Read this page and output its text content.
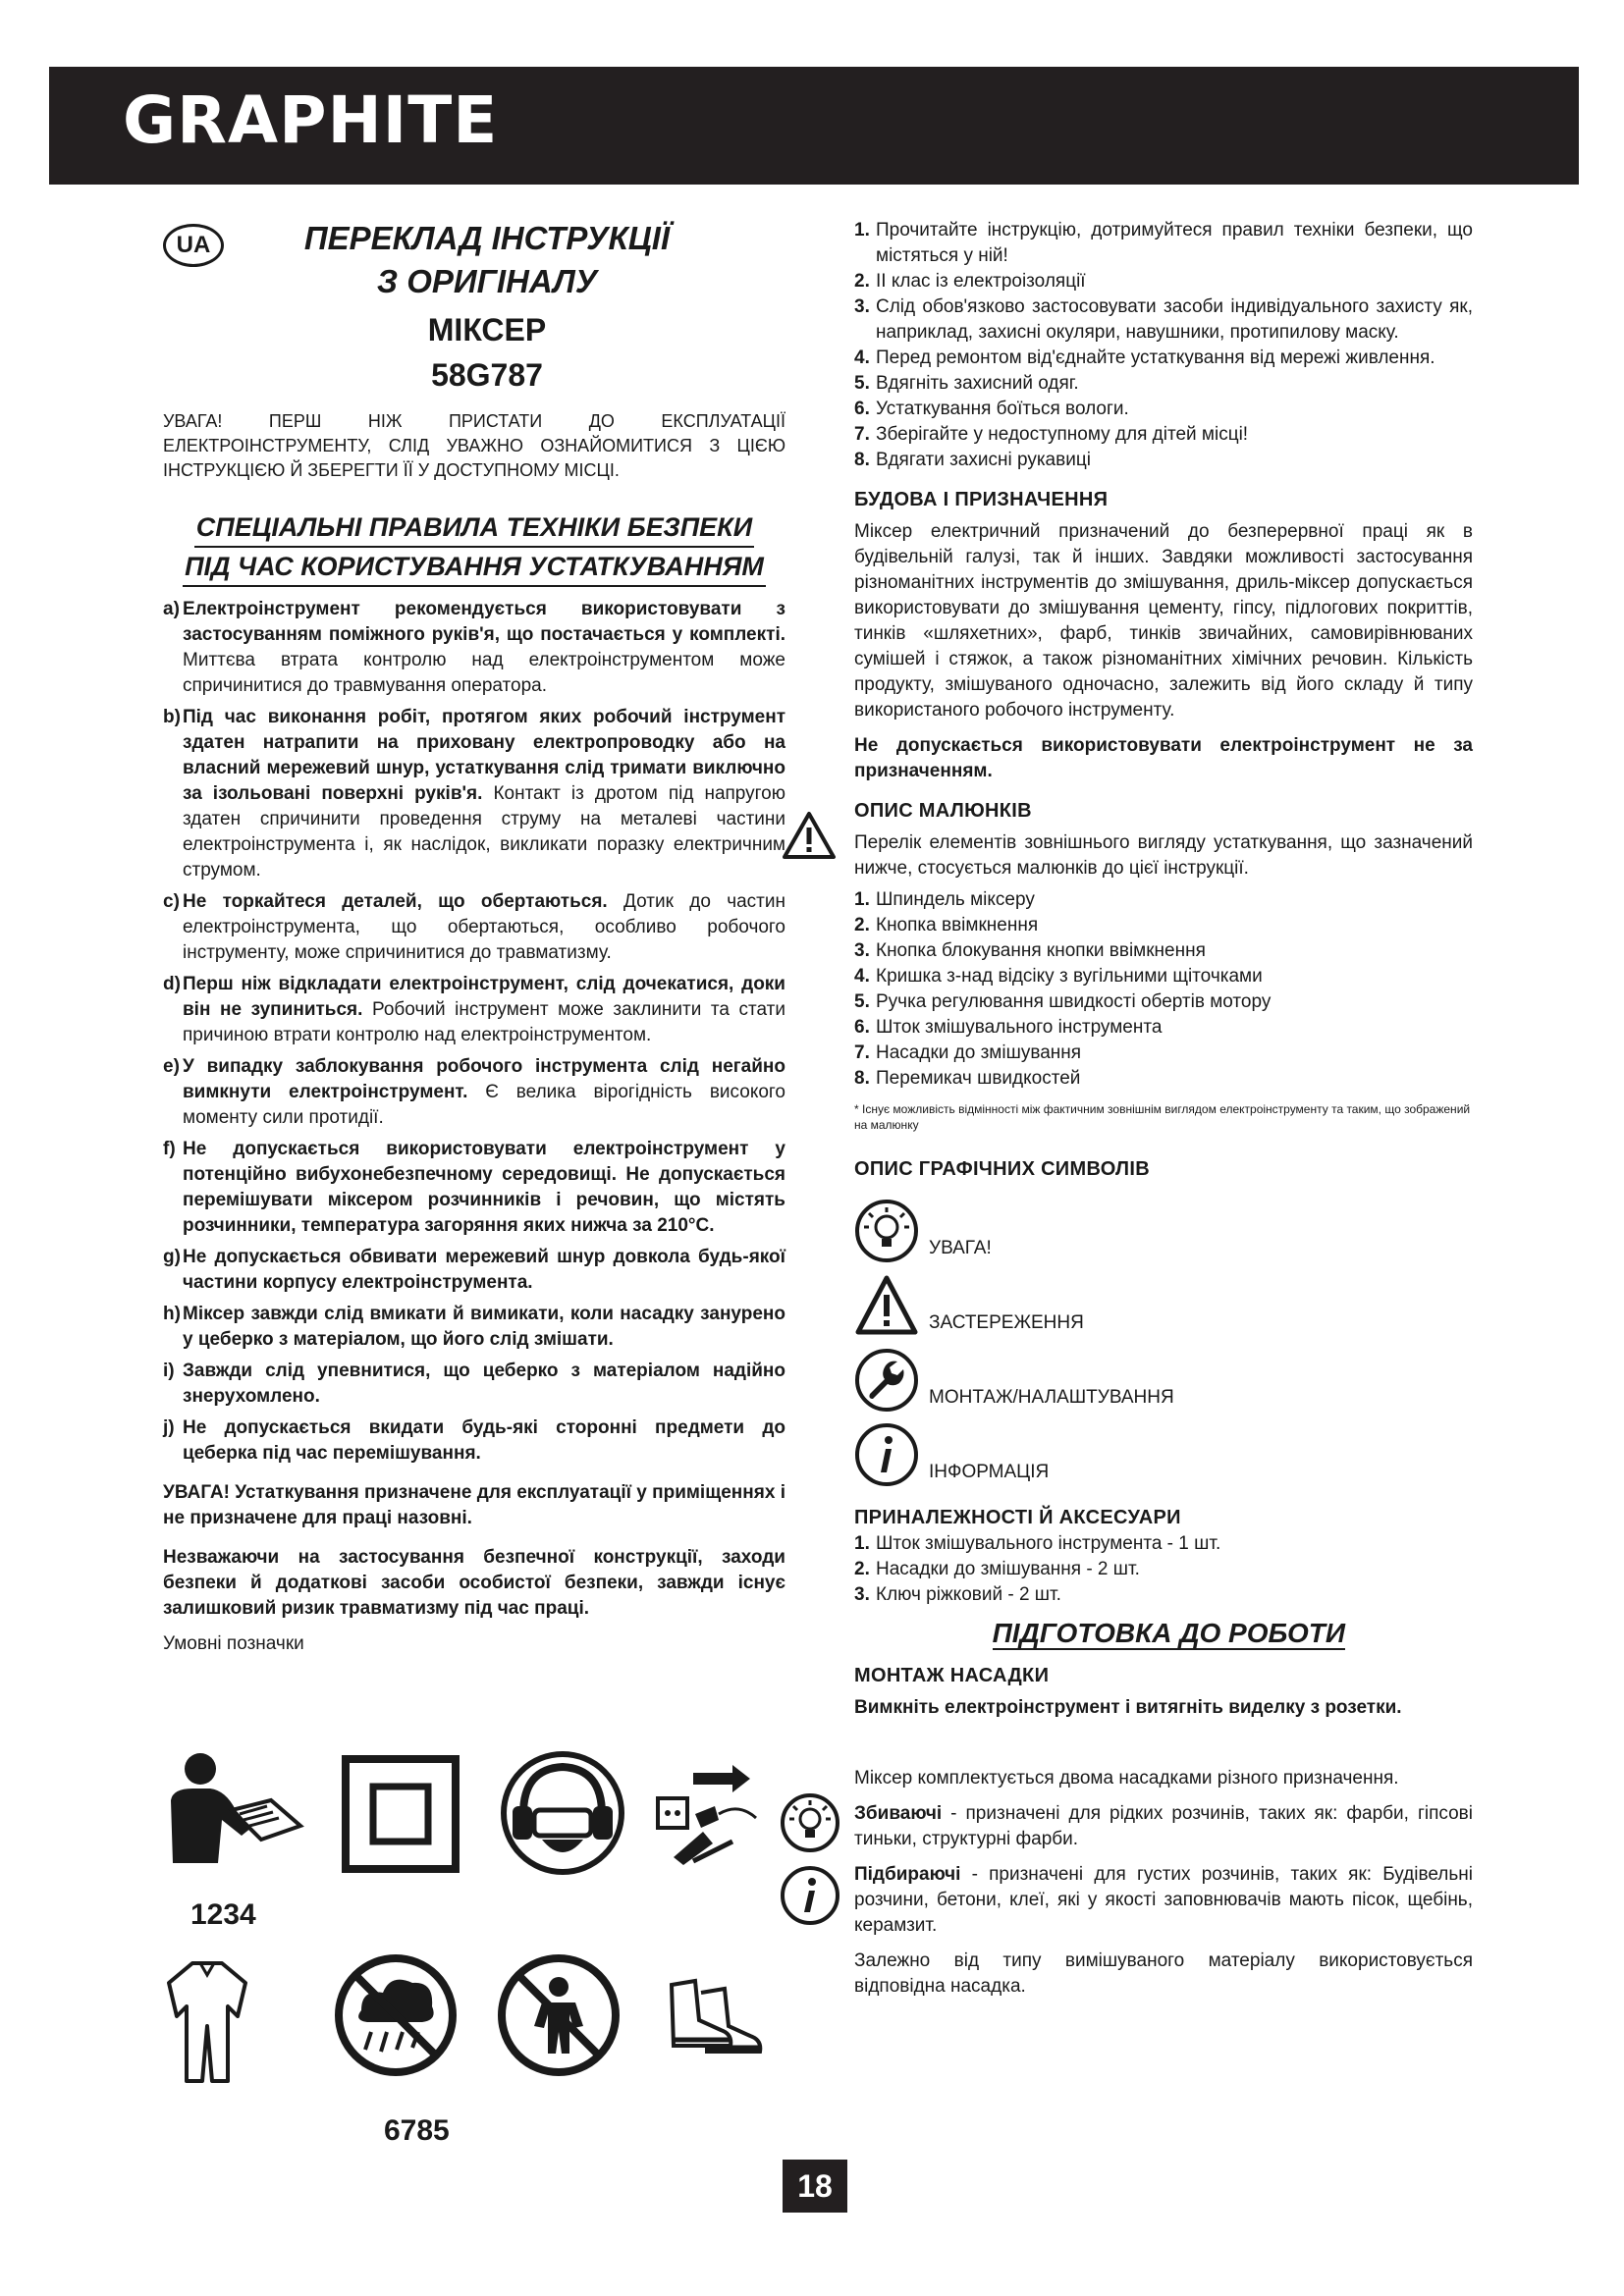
GRAPHITE
UA	ПЕРЕКЛАД ІНСТРУКЦІЇ
З ОРИГІНАЛУ
МІКСЕР
58G787

УВАГА! ПЕРШ НІЖ ПРИСТАТИ ДО ЕКСПЛУАТАЦІЇ ЕЛЕКТРОІНСТРУМЕНТУ, СЛІД УВАЖНО ОЗНАЙОМИТИСЯ З ЦІЄЮ ІНСТРУКЦІЄЮ Й ЗБЕРЕГТИ ЇЇ У ДОСТУПНОМУ МІСЦІ.

СПЕЦІАЛЬНІ ПРАВИЛА ТЕХНІКИ БЕЗПЕКИ
ПІД ЧАС КОРИСТУВАННЯ УСТАТКУВАННЯМ
a) Електроінструмент рекомендується використовувати з застосуванням поміжного руків'я, що постачається у комплекті. Миттєва втрата контролю над електроінструментом може спричинитися до травмування оператора.
b) Під час виконання робіт, протягом яких робочий інструмент здатен натрапити на приховану електропроводку або на власний мережевий шнур, устаткування слід тримати виключно за ізольовані поверхні руків'я. Контакт із дротом під напругою здатен спричинити проведення струму на металеві частини електроінструмента і, як наслідок, викликати поразку електричним струмом.
c) Не торкайтеся деталей, що обертаються. Дотик до частин електроінструмента, що обертаються, особливо робочого інструменту, може спричинитися до травматизму.
d) Перш ніж відкладати електроінструмент, слід дочекатися, доки він не зупиниться. Робочий інструмент може заклинити та стати причиною втрати контролю над електроінструментом.
e) У випадку заблокування робочого інструмента слід негайно вимкнути електроінструмент. Є велика вірогідність високого моменту сили протидії.
f) Не допускається використовувати електроінструмент у потенційно вибухонебезпечному середовищі. Не допускається перемішувати міксером розчинників і речовин, що містять розчинники, температура загоряння яких нижча за 210°C.
g) Не допускається обвивати мережевий шнур довкола будь-якої частини корпусу електроінструмента.
h) Міксер завжди слід вмикати й вимикати, коли насадку занурено у цеберко з матеріалом, що його слід змішати.
i) Завжди слід упевнитися, що цеберко з матеріалом надійно знерухомлено.
j) Не допускається вкидати будь-які сторонні предмети до цеберка під час перемішування.

УВАГА! Устаткування призначене для експлуатації у приміщеннях і не призначене для праці назовні.

Незважаючи на застосування безпечної конструкції, заходи безпеки й додаткові засоби особистої безпеки, завжди існує залишковий ризик травматизму під час праці.

Умовні позначки

1234
6785
1. Прочитайте інструкцію, дотримуйтеся правил техніки безпеки, що містяться у ній!
2. II клас із електроізоляції
3. Слід обов'язково застосовувати засоби індивідуального захисту як, наприклад, захисні окуляри, навушники, протипилову маску.
4. Перед ремонтом від'єднайте устаткування від мережі живлення.
5. Вдягніть захисний одяг.
6. Устаткування боїться вологи.
7. Зберігайте у недоступному для дітей місці!
8. Вдягати захисні рукавиці
БУДОВА І ПРИЗНАЧЕННЯ

Міксер електричний призначений до безперервної праці як в будівельній галузі, так й інших. Завдяки можливості застосування різноманітних інструментів до змішування, дриль-міксер допускається використовувати до змішування цементу, гіпсу, підлогових покриттів, тинків «шляхетних», фарб, тинків звичайних, самовирівнюваних сумішей і стяжок, а також різноманітних хімічних речовин. Кількість продукту, змішуваного одночасно, залежить від його складу й типу використаного робочого інструменту.

Не допускається використовувати електроінструмент не за призначенням.

ОПИС МАЛЮНКІВ

Перелік елементів зовнішнього вигляду устаткування, що зазначений нижче, стосується малюнків до цієї інструкції.

1. Шпиндель міксеру
2. Кнопка ввімкнення
3. Кнопка блокування кнопки ввімкнення
4. Кришка з-над відсіку з вугільними щіточками
5. Ручка регулювання швидкості обертів мотору
6. Шток змішувального інструмента
7. Насадки до змішування
8. Перемикач швидкостей

* Існує можливість відмінності між фактичним зовнішнім виглядом електроінструменту та таким, що зображений на малюнку

ОПИС ГРАФІЧНИХ СИМВОЛІВ
УВАГА!
ЗАСТЕРЕЖЕННЯ
МОНТАЖ/НАЛАШТУВАННЯ
ІНФОРМАЦІЯ
ПРИНАЛЕЖНОСТІ Й АКСЕСУАРИ
1. Шток змішувального інструмента - 1 шт.
2. Насадки до змішування - 2 шт.
3. Ключ ріжковий - 2 шт.
ПІДГОТОВКА ДО РОБОТИ
МОНТАЖ НАСАДКИ

Вимкніть електроінструмент і витягніть виделку з розетки.

Міксер комплектується двома насадками різного призначення.

Збиваючі - призначені для рідких розчинів, таких як: фарби, гіпсові тиньки, структурні фарби.

Підбираючі - призначені для густих розчинів, таких як: Будівельні розчини, бетони, клеї, які у якості заповнювачів мають пісок, щебінь, керамзит.

Залежно від типу вимішуваного матеріалу використовується відповідна насадка.

18
